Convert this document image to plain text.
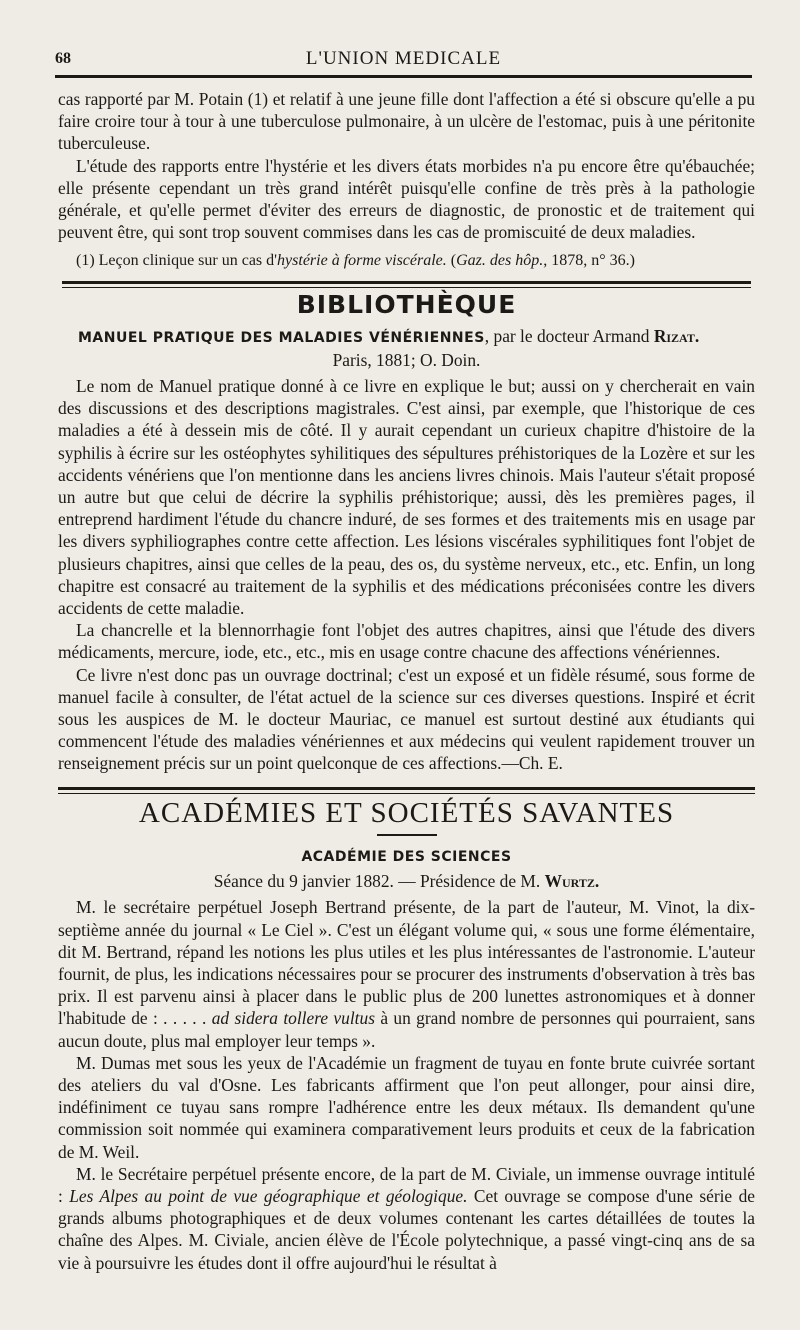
68	L'UNION MEDICALE

cas rapporté par M. Potain (1) et relatif à une jeune fille dont l'affection a été si obscure qu'elle a pu faire croire tour à tour à une tuberculose pulmonaire, à un ulcère de l'estomac, puis à une péritonite tuberculeuse.

L'étude des rapports entre l'hystérie et les divers états morbides n'a pu encore être qu'ébauchée; elle présente cependant un très grand intérêt puisqu'elle confine de très près à la pathologie générale, et qu'elle permet d'éviter des erreurs de diagnostic, de pronostic et de traitement qui peuvent être, qui sont trop souvent commises dans les cas de promiscuité de deux maladies.

(1) Leçon clinique sur un cas d'hystérie à forme viscérale. (Gaz. des hôp., 1878, n° 36.)

BIBLIOTHÈQUE

MANUEL PRATIQUE DES MALADIES VÉNÉRIENNES, par le docteur Armand Rizat.

Paris, 1881; O. Doin.

Le nom de Manuel pratique donné à ce livre en explique le but; aussi on y chercherait en vain des discussions et des descriptions magistrales. C'est ainsi, par exemple, que l'historique de ces maladies a été à dessein mis de côté. Il y aurait cependant un curieux chapitre d'histoire de la syphilis à écrire sur les ostéophytes syhilitiques des sépultures préhistoriques de la Lozère et sur les accidents vénériens que l'on mentionne dans les anciens livres chinois. Mais l'auteur s'était proposé un autre but que celui de décrire la syphilis préhistorique; aussi, dès les premières pages, il entreprend hardiment l'étude du chancre induré, de ses formes et des traitements mis en usage par les divers syphiliographes contre cette affection. Les lésions viscérales syphilitiques font l'objet de plusieurs chapitres, ainsi que celles de la peau, des os, du système nerveux, etc., etc. Enfin, un long chapitre est consacré au traitement de la syphilis et des médications préconisées contre les divers accidents de cette maladie.

La chancrelle et la blennorrhagie font l'objet des autres chapitres, ainsi que l'étude des divers médicaments, mercure, iode, etc., etc., mis en usage contre chacune des affections vénériennes.

Ce livre n'est donc pas un ouvrage doctrinal; c'est un exposé et un fidèle résumé, sous forme de manuel facile à consulter, de l'état actuel de la science sur ces diverses questions. Inspiré et écrit sous les auspices de M. le docteur Mauriac, ce manuel est surtout destiné aux étudiants qui commencent l'étude des maladies vénériennes et aux médecins qui veulent rapidement trouver un renseignement précis sur un point quelconque de ces affections.—Ch. E.

ACADÉMIES ET SOCIÉTÉS SAVANTES
ACADÉMIE DES SCIENCES

Séance du 9 janvier 1882. — Présidence de M. Wurtz.

M. le secrétaire perpétuel Joseph Bertrand présente, de la part de l'auteur, M. Vinot, la dix-septième année du journal « Le Ciel ». C'est un élégant volume qui, « sous une forme élémentaire, dit M. Bertrand, répand les notions les plus utiles et les plus intéressantes de l'astronomie. L'auteur fournit, de plus, les indications nécessaires pour se procurer des instruments d'observation à très bas prix. Il est parvenu ainsi à placer dans le public plus de 200 lunettes astronomiques et à donner l'habitude de : . . . . . ad sidera tollere vultus à un grand nombre de personnes qui pourraient, sans aucun doute, plus mal employer leur temps ».

M. Dumas met sous les yeux de l'Académie un fragment de tuyau en fonte brute cuivrée sortant des ateliers du val d'Osne. Les fabricants affirment que l'on peut allonger, pour ainsi dire, indéfiniment ce tuyau sans rompre l'adhérence entre les deux métaux. Ils demandent qu'une commission soit nommée qui examinera comparativement leurs produits et ceux de la fabrication de M. Weil.

M. le Secrétaire perpétuel présente encore, de la part de M. Civiale, un immense ouvrage intitulé : Les Alpes au point de vue géographique et géologique. Cet ouvrage se compose d'une série de grands albums photographiques et de deux volumes contenant les cartes détaillées de toutes la chaîne des Alpes. M. Civiale, ancien élève de l'École polytechnique, a passé vingt-cinq ans de sa vie à poursuivre les études dont il offre aujourd'hui le résultat à
